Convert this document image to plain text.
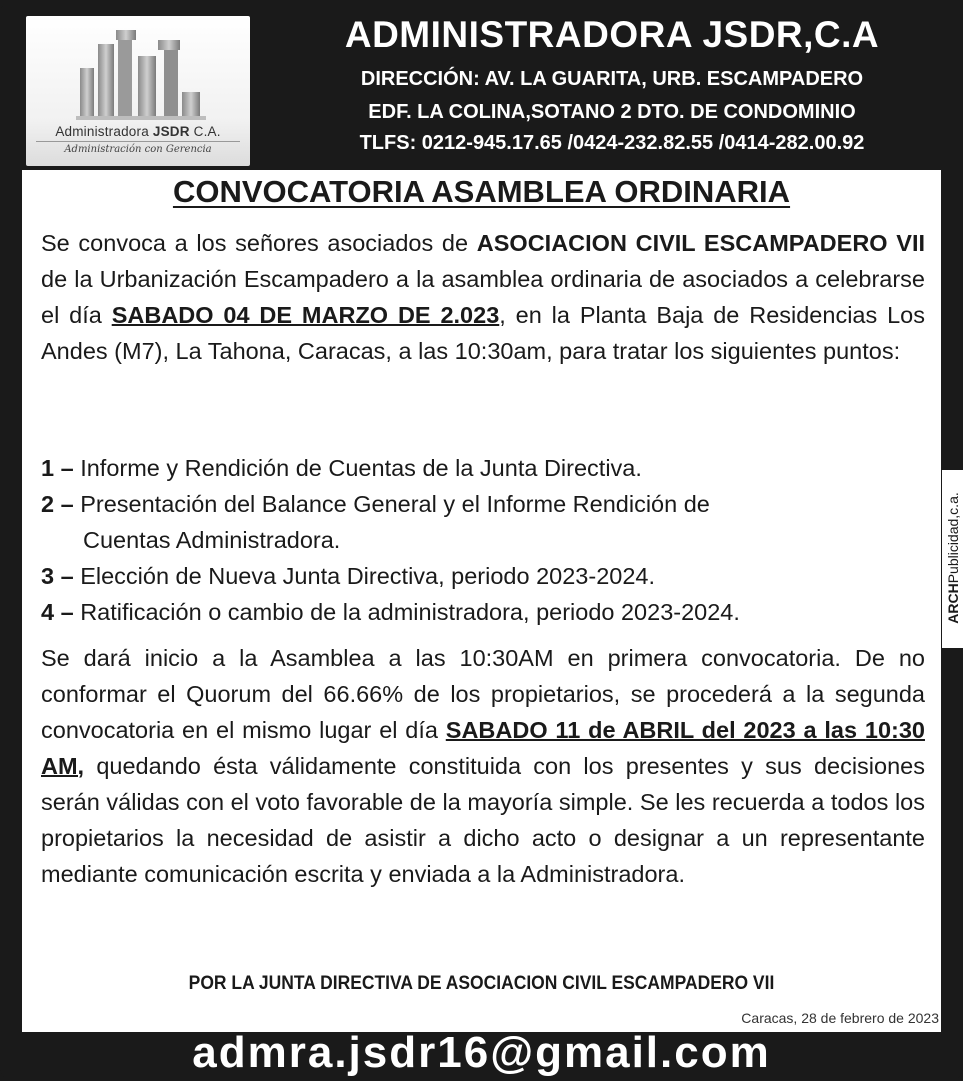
Administradora JSDR C.A.
Administración con Gerencia
ADMINISTRADORA JSDR,C.A
DIRECCIÓN: AV. LA GUARITA, URB. ESCAMPADERO
EDF. LA COLINA,SOTANO 2 DTO. DE CONDOMINIO
TLFS: 0212-945.17.65 /0424-232.82.55 /0414-282.00.92
CONVOCATORIA ASAMBLEA ORDINARIA
Se convoca a los señores asociados de ASOCIACION CIVIL ESCAMPADERO VII de la Urbanización Escampadero a la asamblea ordinaria de asociados a celebrarse el día SABADO 04 DE MARZO DE 2.023, en la Planta Baja de Residencias Los Andes (M7), La Tahona, Caracas, a las 10:30am, para tratar los siguientes puntos:
1 – Informe y Rendición de Cuentas de la Junta Directiva.
2 – Presentación del Balance General y el Informe Rendición de
Cuentas Administradora.
3 – Elección de Nueva Junta Directiva, periodo 2023-2024.
4 – Ratificación o cambio de la administradora, periodo 2023-2024.
Se dará inicio a la Asamblea a las 10:30AM en primera convocatoria. De no conformar el Quorum del 66.66% de los propietarios, se procederá a la segunda convocatoria en el mismo lugar el día SABADO 11 de ABRIL del 2023 a las 10:30 AM, quedando ésta válidamente constituida con los presentes y sus decisiones serán válidas con el voto favorable de la mayoría simple. Se les recuerda a todos los propietarios la necesidad de asistir a dicho acto o designar a un representante mediante comunicación escrita y enviada a la Administradora.
POR LA JUNTA DIRECTIVA DE ASOCIACION CIVIL ESCAMPADERO VII
Caracas, 28 de febrero de 2023
ARCHPublicidad,c.a.
admra.jsdr16@gmail.com
